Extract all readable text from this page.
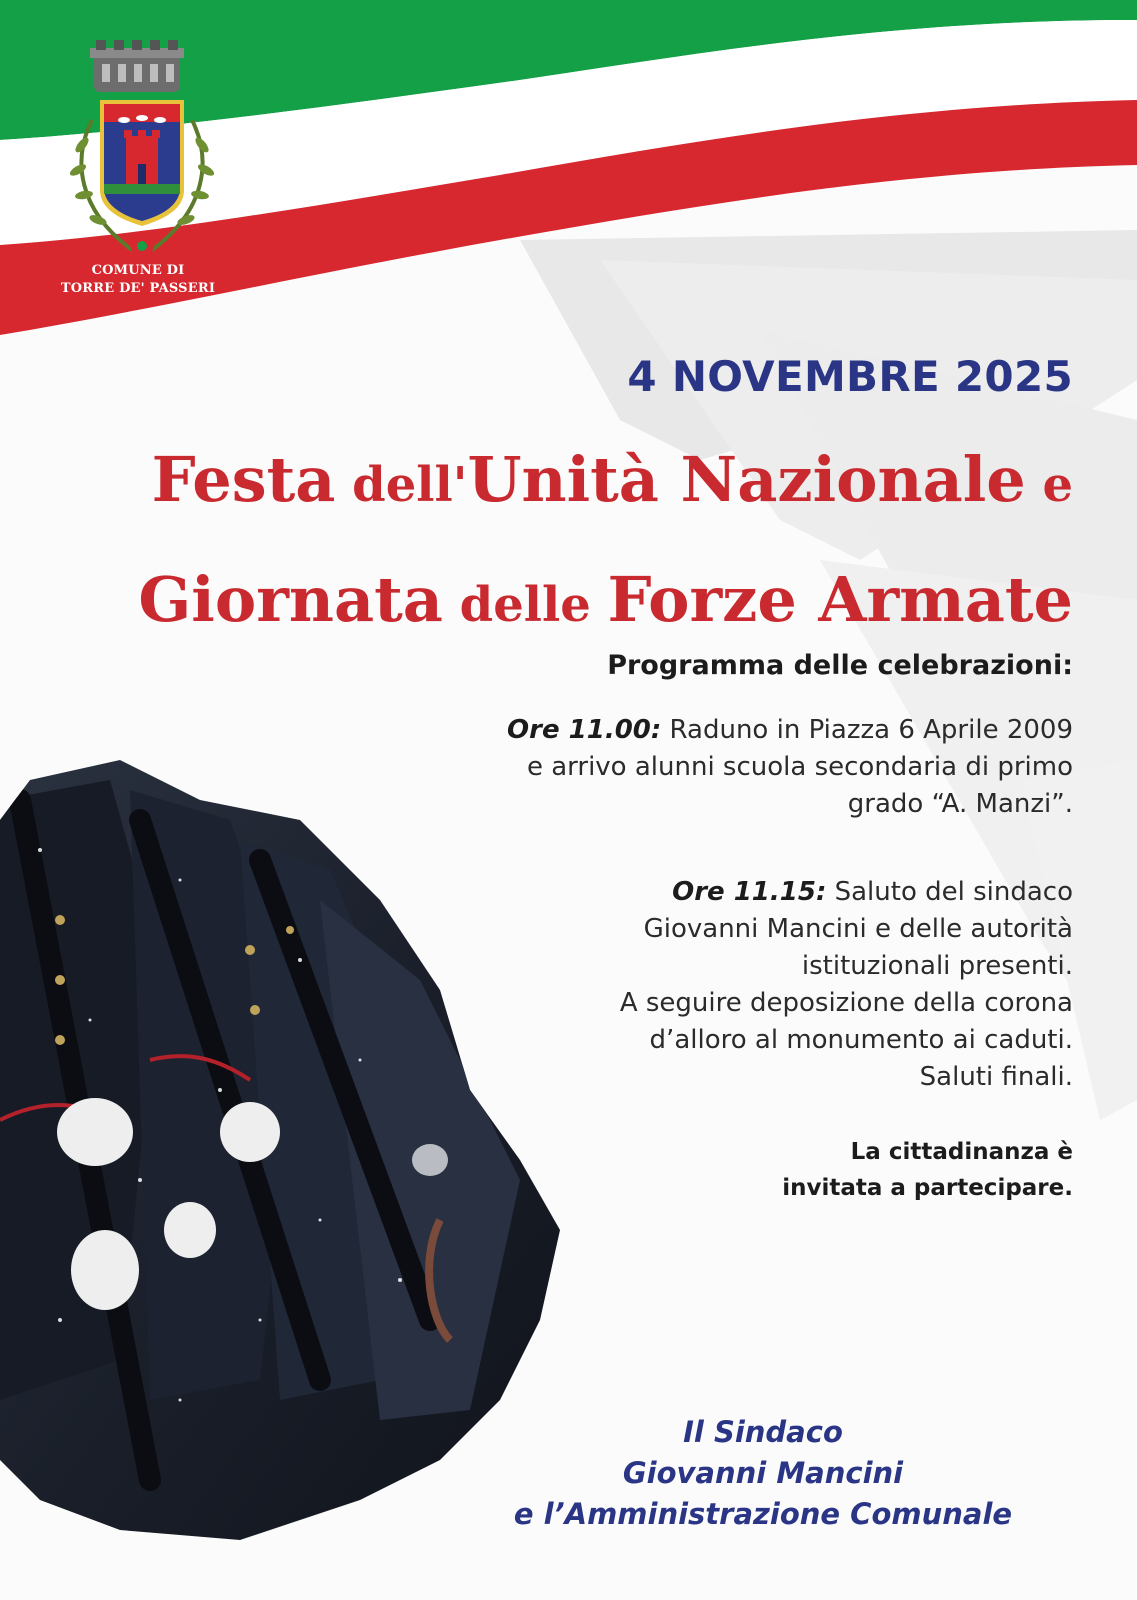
COMUNE DI
TORRE DE' PASSERI
4 NOVEMBRE 2025
Festa dell'Unità Nazionale e
Giornata delle Forze Armate
Programma delle celebrazioni:
Ore 11.00: Raduno in Piazza 6 Aprile 2009
e arrivo alunni scuola secondaria di primo
grado “A. Manzi”.
Ore 11.15: Saluto del sindaco
Giovanni Mancini e delle autorità
istituzionali presenti.
A seguire deposizione della corona
d’alloro al monumento ai caduti.
Saluti finali.
La cittadinanza è
invitata a partecipare.
Il Sindaco
Giovanni Mancini
e l’Amministrazione Comunale
